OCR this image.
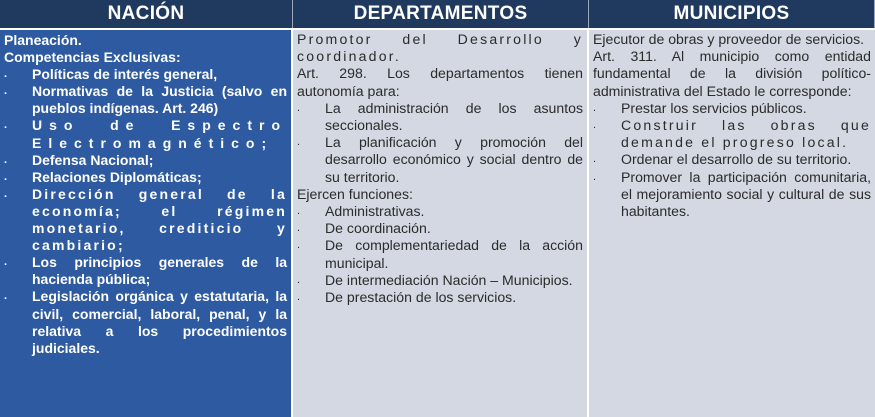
NACIÓN	DEPARTAMENTOS	MUNICIPIOS

Planeación.

Competencias Exclusivas:

. Políticas de interés general,
. Normativas de la Justicia (salvo en pueblos indígenas. Art. 246)
. Uso de Espectro Electromagnético;
. Defensa Nacional;
. Relaciones Diplomáticas;
. Dirección general de la economía; el régimen monetario, crediticio y cambiario;
. Los principios generales de la hacienda pública;
. Legislación orgánica y estatutaria, la civil, comercial, laboral, penal, y la relativa a los procedimientos judiciales.

Promotor del Desarrollo y coordinador.

Art. 298. Los departamentos tienen autonomía para:

. La administración de los asuntos seccionales.
. La planificación y promoción del desarrollo económico y social dentro de su territorio.

Ejercen funciones:

. Administrativas.
. De coordinación.
. De complementariedad de la acción municipal.
. De intermediación Nación – Municipios.
. De prestación de los servicios.

Ejecutor de obras y proveedor de servicios.

Art. 311. Al municipio como entidad fundamental de la división político-administrativa del Estado le corresponde:

. Prestar los servicios públicos.
. Construir las obras que demande el progreso local.
. Ordenar el desarrollo de su territorio.
. Promover la participación comunitaria, el mejoramiento social y cultural de sus habitantes.
